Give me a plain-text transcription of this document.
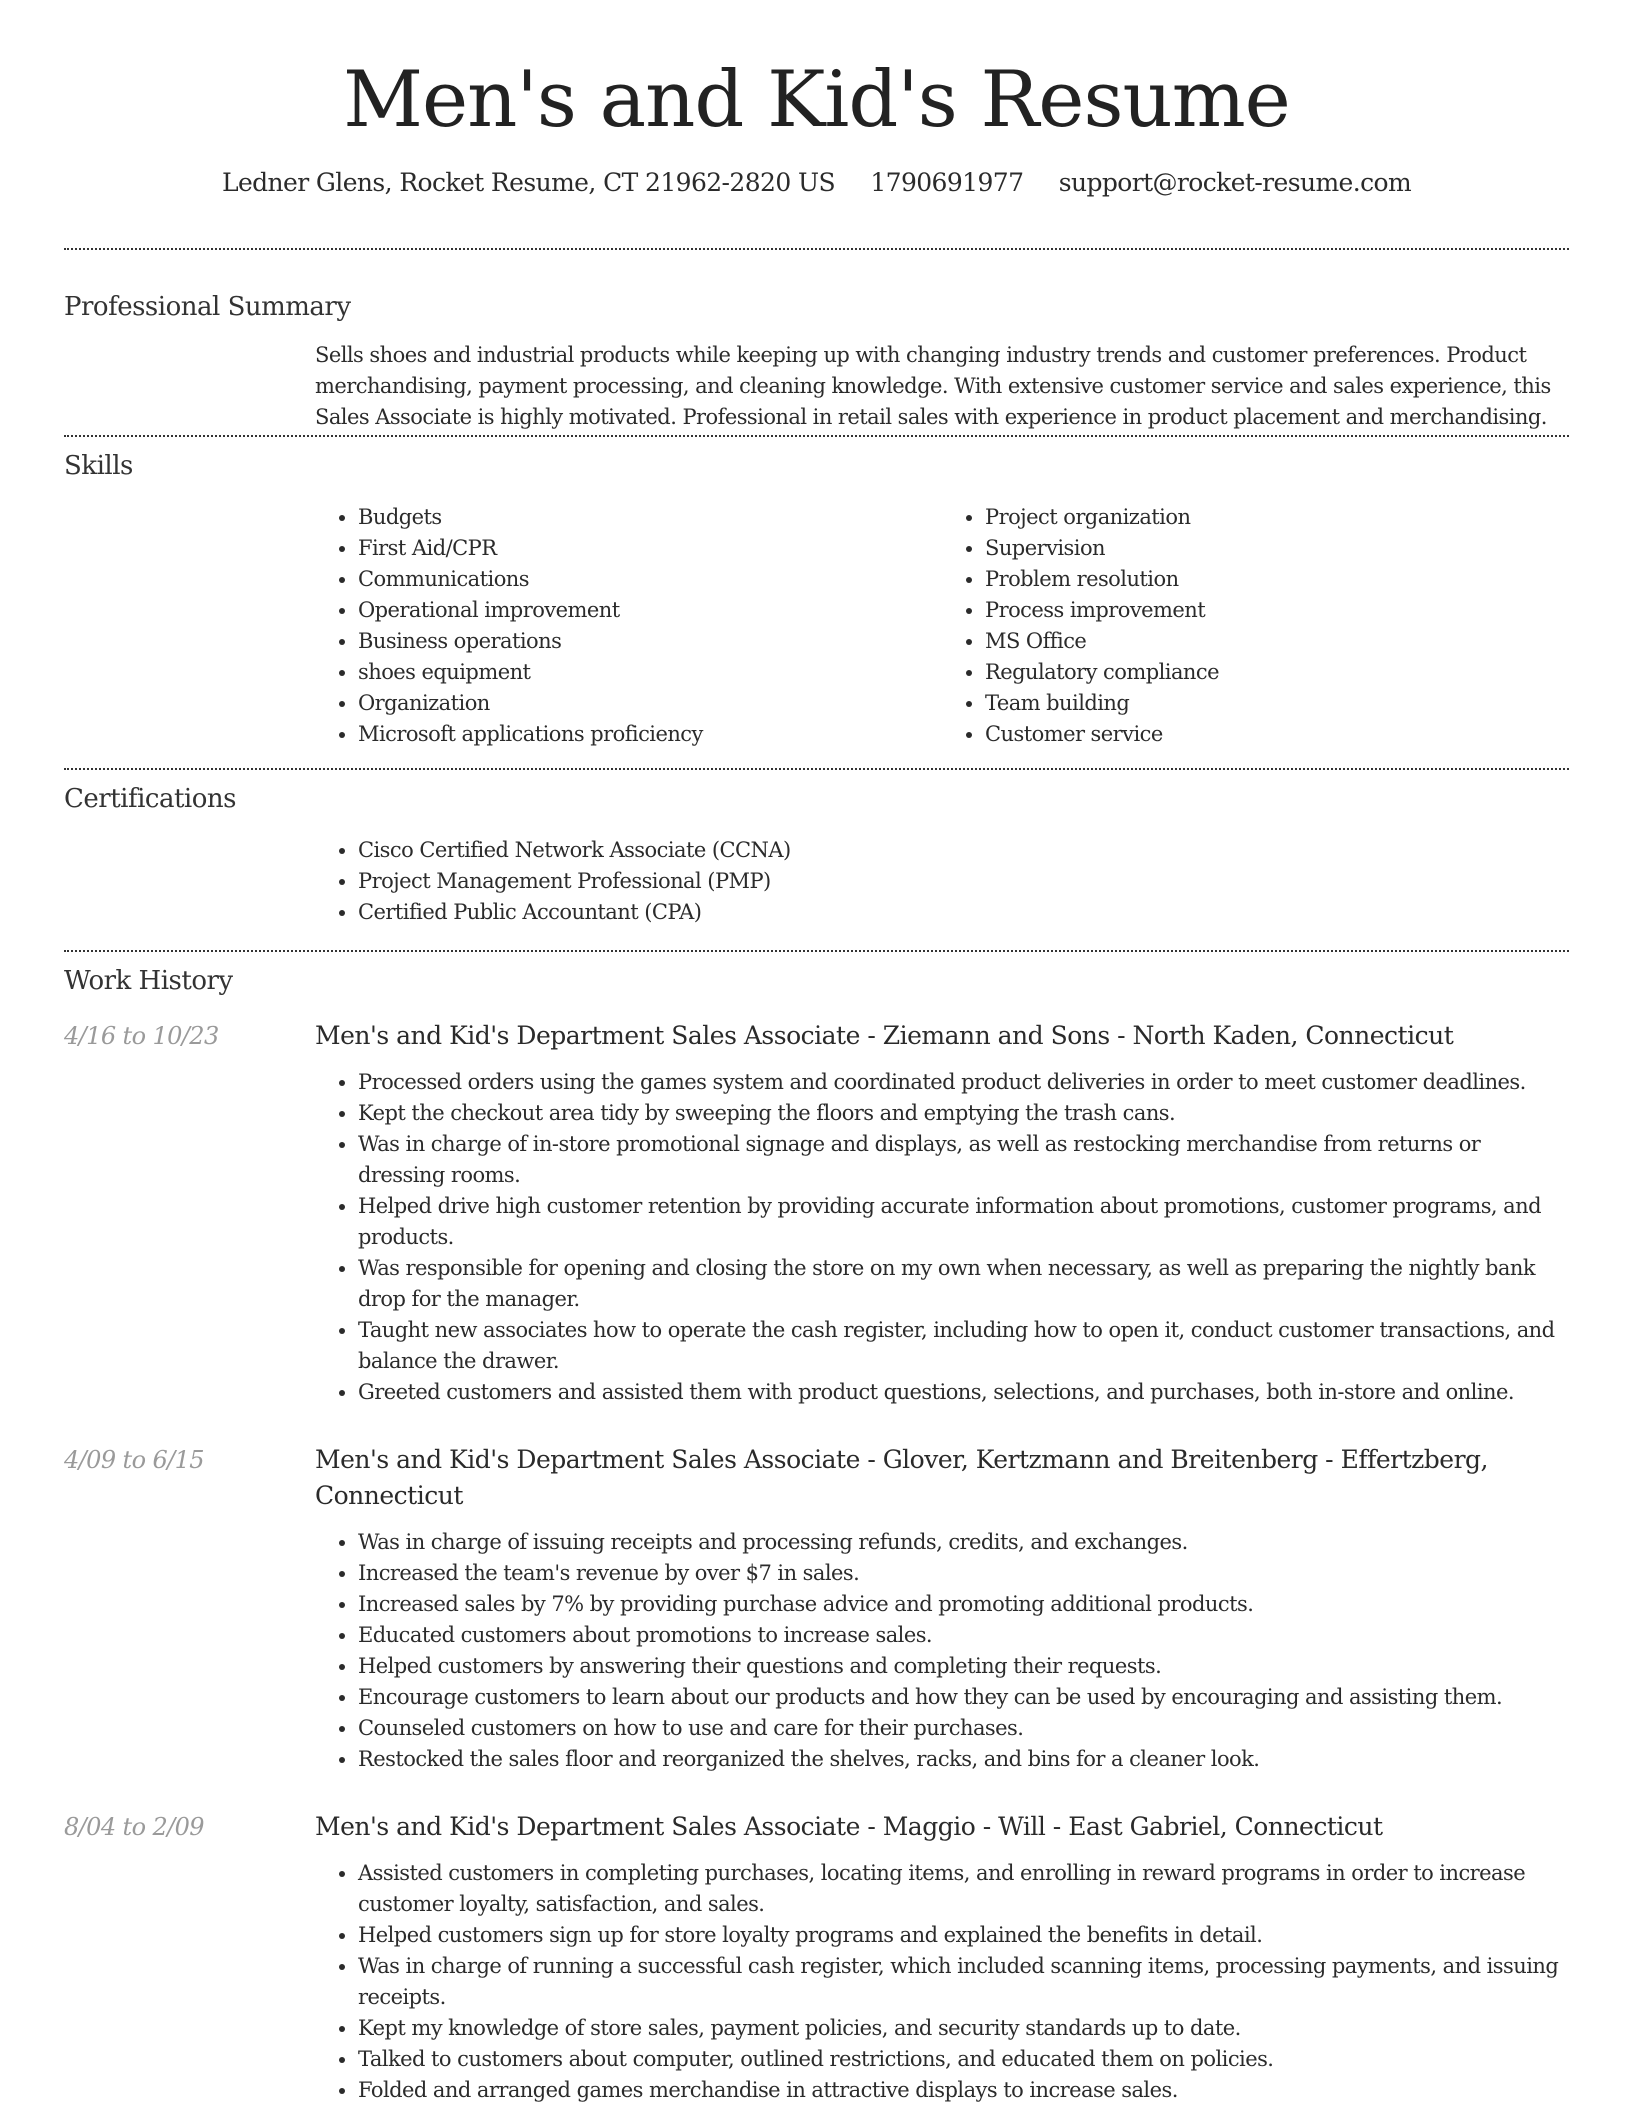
Men's and Kid's Resume
Ledner Glens, Rocket Resume, CT 21962-2820 US 1790691977 support@rocket-resume.com
Professional Summary
Sells shoes and industrial products while keeping up with changing industry trends and customer preferences. Product merchandising, payment processing, and cleaning knowledge. With extensive customer service and sales experience, this Sales Associate is highly motivated. Professional in retail sales with experience in product placement and merchandising.
Skills
• Budgets
• First Aid/CPR
• Communications
• Operational improvement
• Business operations
• shoes equipment
• Organization
• Microsoft applications proficiency
• Project organization
• Supervision
• Problem resolution
• Process improvement
• MS Office
• Regulatory compliance
• Team building
• Customer service
Certifications
• Cisco Certified Network Associate (CCNA)
• Project Management Professional (PMP)
• Certified Public Accountant (CPA)
Work History
4/16 to 10/23	Men's and Kid's Department Sales Associate - Ziemann and Sons - North Kaden, Connecticut
• Processed orders using the games system and coordinated product deliveries in order to meet customer deadlines.
• Kept the checkout area tidy by sweeping the floors and emptying the trash cans.
• Was in charge of in-store promotional signage and displays, as well as restocking merchandise from returns or dressing rooms.
• Helped drive high customer retention by providing accurate information about promotions, customer programs, and products.
• Was responsible for opening and closing the store on my own when necessary, as well as preparing the nightly bank drop for the manager.
• Taught new associates how to operate the cash register, including how to open it, conduct customer transactions, and balance the drawer.
• Greeted customers and assisted them with product questions, selections, and purchases, both in-store and online.
4/09 to 6/15	Men's and Kid's Department Sales Associate - Glover, Kertzmann and Breitenberg - Effertzberg, Connecticut
• Was in charge of issuing receipts and processing refunds, credits, and exchanges.
• Increased the team's revenue by over $7 in sales.
• Increased sales by 7% by providing purchase advice and promoting additional products.
• Educated customers about promotions to increase sales.
• Helped customers by answering their questions and completing their requests.
• Encourage customers to learn about our products and how they can be used by encouraging and assisting them.
• Counseled customers on how to use and care for their purchases.
• Restocked the sales floor and reorganized the shelves, racks, and bins for a cleaner look.
8/04 to 2/09	Men's and Kid's Department Sales Associate - Maggio - Will - East Gabriel, Connecticut
• Assisted customers in completing purchases, locating items, and enrolling in reward programs in order to increase customer loyalty, satisfaction, and sales.
• Helped customers sign up for store loyalty programs and explained the benefits in detail.
• Was in charge of running a successful cash register, which included scanning items, processing payments, and issuing receipts.
• Kept my knowledge of store sales, payment policies, and security standards up to date.
• Talked to customers about computer, outlined restrictions, and educated them on policies.
• Folded and arranged games merchandise in attractive displays to increase sales.
